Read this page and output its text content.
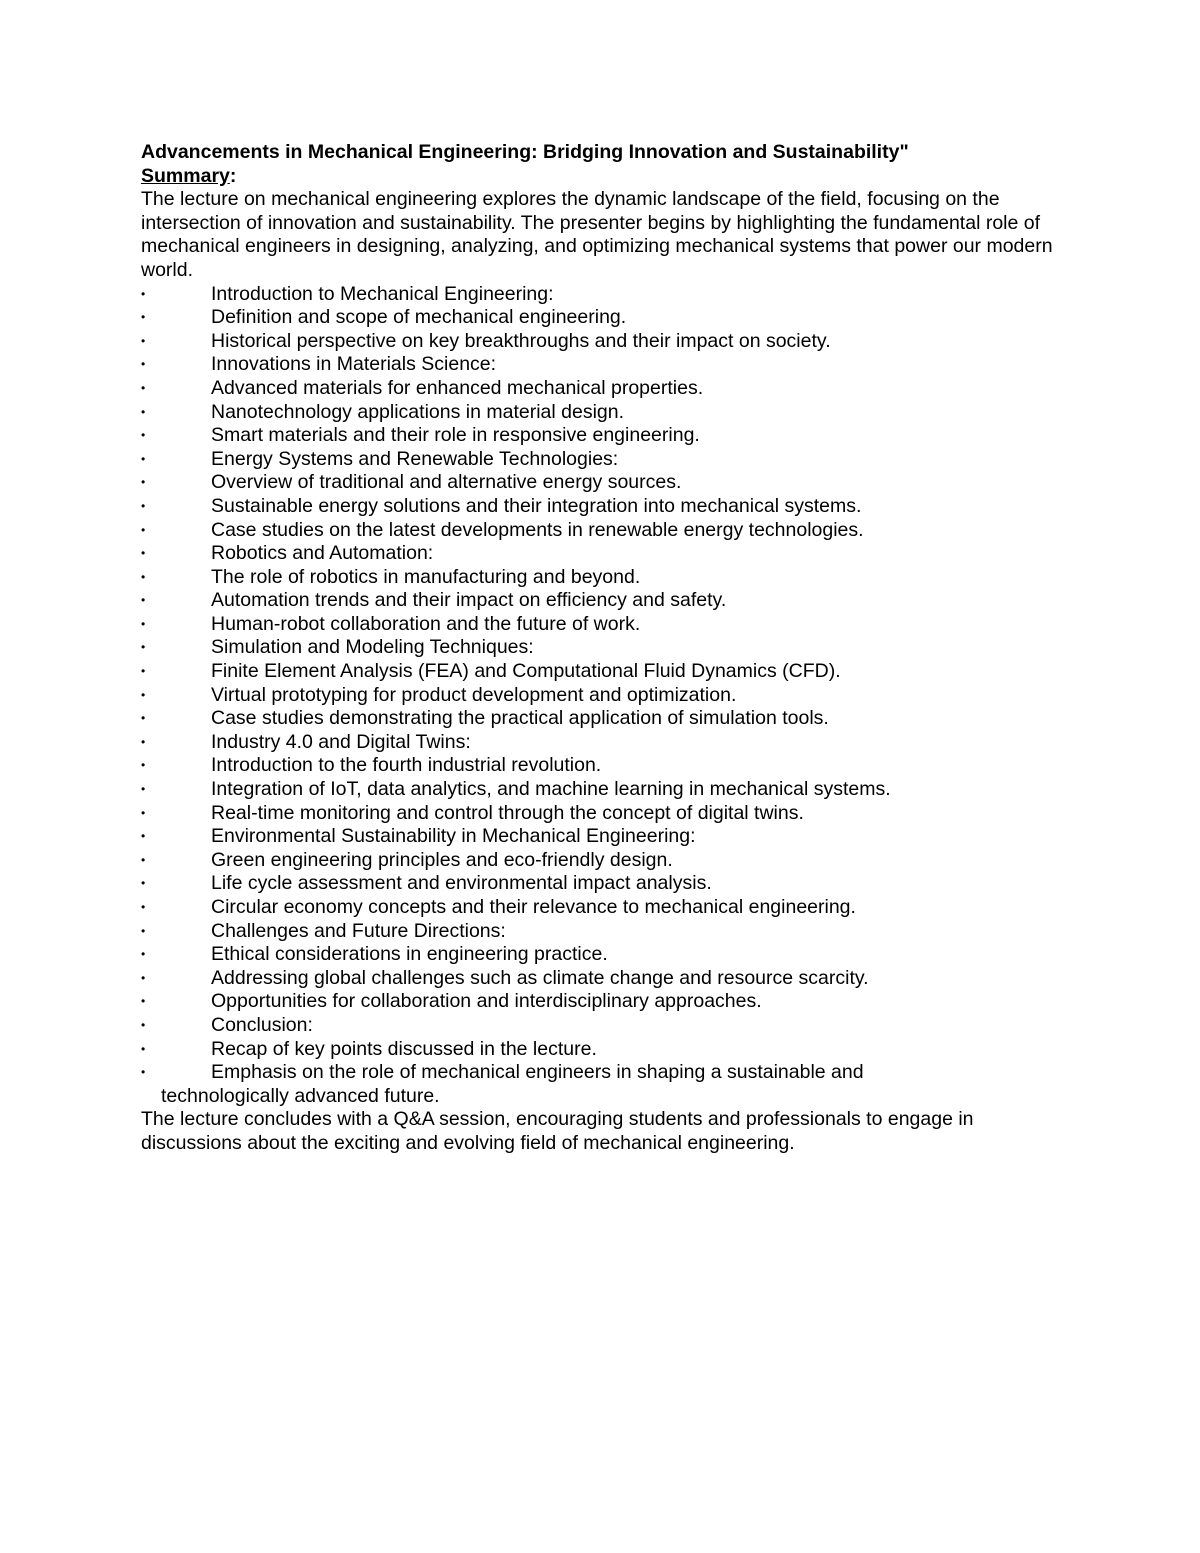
Advancements in Mechanical Engineering: Bridging Innovation and Sustainability"

Summary:

The lecture on mechanical engineering explores the dynamic landscape of the field, focusing on the intersection of innovation and sustainability. The presenter begins by highlighting the fundamental role of mechanical engineers in designing, analyzing, and optimizing mechanical systems that power our modern world.

•	Introduction to Mechanical Engineering:
•	Definition and scope of mechanical engineering.
•	Historical perspective on key breakthroughs and their impact on society.
•	Innovations in Materials Science:
•	Advanced materials for enhanced mechanical properties.
•	Nanotechnology applications in material design.
•	Smart materials and their role in responsive engineering.
•	Energy Systems and Renewable Technologies:
•	Overview of traditional and alternative energy sources.
•	Sustainable energy solutions and their integration into mechanical systems.
•	Case studies on the latest developments in renewable energy technologies.
•	Robotics and Automation:
•	The role of robotics in manufacturing and beyond.
•	Automation trends and their impact on efficiency and safety.
•	Human-robot collaboration and the future of work.
•	Simulation and Modeling Techniques:
•	Finite Element Analysis (FEA) and Computational Fluid Dynamics (CFD).
•	Virtual prototyping for product development and optimization.
•	Case studies demonstrating the practical application of simulation tools.
•	Industry 4.0 and Digital Twins:
•	Introduction to the fourth industrial revolution.
•	Integration of IoT, data analytics, and machine learning in mechanical systems.
•	Real-time monitoring and control through the concept of digital twins.
•	Environmental Sustainability in Mechanical Engineering:
•	Green engineering principles and eco-friendly design.
•	Life cycle assessment and environmental impact analysis.
•	Circular economy concepts and their relevance to mechanical engineering.
•	Challenges and Future Directions:
•	Ethical considerations in engineering practice.
•	Addressing global challenges such as climate change and resource scarcity.
•	Opportunities for collaboration and interdisciplinary approaches.
•	Conclusion:
•	Recap of key points discussed in the lecture.
•	Emphasis on the role of mechanical engineers in shaping a sustainable and
technologically advanced future.

The lecture concludes with a Q&A session, encouraging students and professionals to engage in discussions about the exciting and evolving field of mechanical engineering.
